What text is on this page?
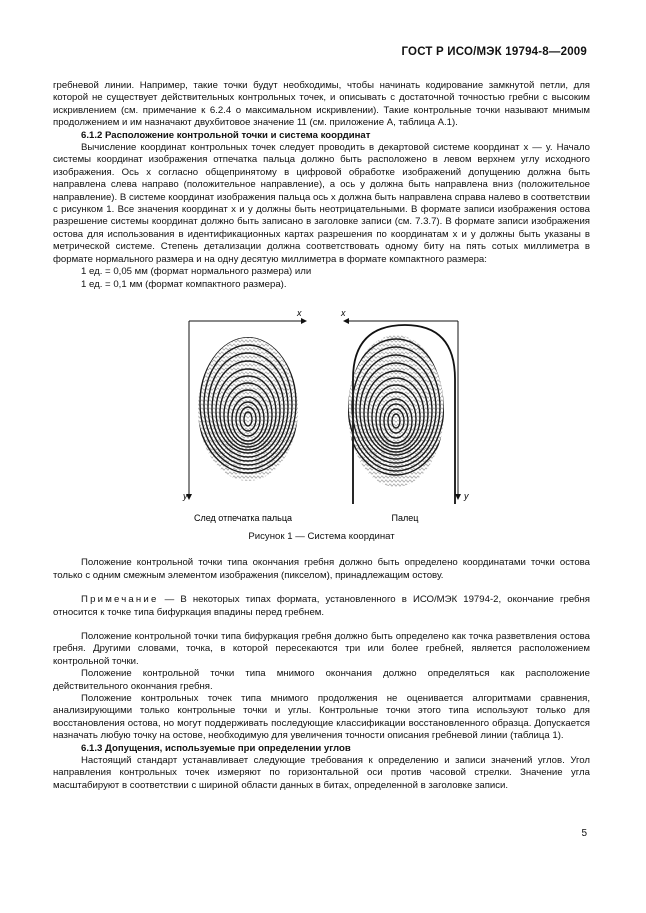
ГОСТ Р ИСО/МЭК 19794-8—2009

гребневой линии. Например, такие точки будут необходимы, чтобы начинать кодирование замкнутой петли, для которой не существует действительных контрольных точек, и описывать с достаточной точностью гребни с высоким искривлением (см. примечание к 6.2.4 о максимальном искривлении). Такие контрольные точки называют мнимым продолжением и им назначают двухбитовое значение 11 (см. приложение А, таблица А.1).

6.1.2 Расположение контрольной точки и система координат

Вычисление координат контрольных точек следует проводить в декартовой системе координат x — y. Начало системы координат изображения отпечатка пальца должно быть расположено в левом верхнем углу исходного изображения. Ось x согласно общепринятому в цифровой обработке изображений допущению должна быть направлена слева направо (положительное направление), а ось y должна быть направлена вниз (положительное направление). В системе координат изображения пальца ось x должна быть направлена справа налево в соответствии с рисунком 1. Все значения координат x и y должны быть неотрицательными. В формате записи изображения остова разрешение системы координат должно быть записано в заголовке записи (см. 7.3.7). В формате записи изображения остова для использования в идентификационных картах разрешения по координатам x и y должны быть указаны в метрической системе. Степень детализации должна соответствовать одному биту на пять сотых миллиметра в формате нормального размера и на одну десятую миллиметра в формате компактного размера:

1 ед. = 0,05 мм (формат нормального размера) или

1 ед. = 0,1 мм (формат компактного размера).

x
y
x
y
След отпечатка пальца	Палец

Рисунок 1 — Система координат

Положение контрольной точки типа окончания гребня должно быть определено координатами точки остова только с одним смежным элементом изображения (пикселом), принадлежащим остову.

Примечание — В некоторых типах формата, установленного в ИСО/МЭК 19794-2, окончание гребня относится к точке типа бифуркация впадины перед гребнем.

Положение контрольной точки типа бифуркация гребня должно быть определено как точка разветвления остова гребня. Другими словами, точка, в которой пересекаются три или более гребней, является расположением контрольной точки.

Положение контрольной точки типа мнимого окончания должно определяться как расположение действительного окончания гребня.

Положение контрольных точек типа мнимого продолжения не оценивается алгоритмами сравнения, анализирующими только контрольные точки и углы. Контрольные точки этого типа используют только для восстановления остова, но могут поддерживать последующие классификации восстановленного образца. Допускается назначать любую точку на остове, необходимую для увеличения точности описания гребневой линии (таблица 1).

6.1.3 Допущения, используемые при определении углов

Настоящий стандарт устанавливает следующие требования к определению и записи значений углов. Угол направления контрольных точек измеряют по горизонтальной оси против часовой стрелки. Значение угла масштабируют в соответствии с шириной области данных в битах, определенной в заголовке записи.

5
